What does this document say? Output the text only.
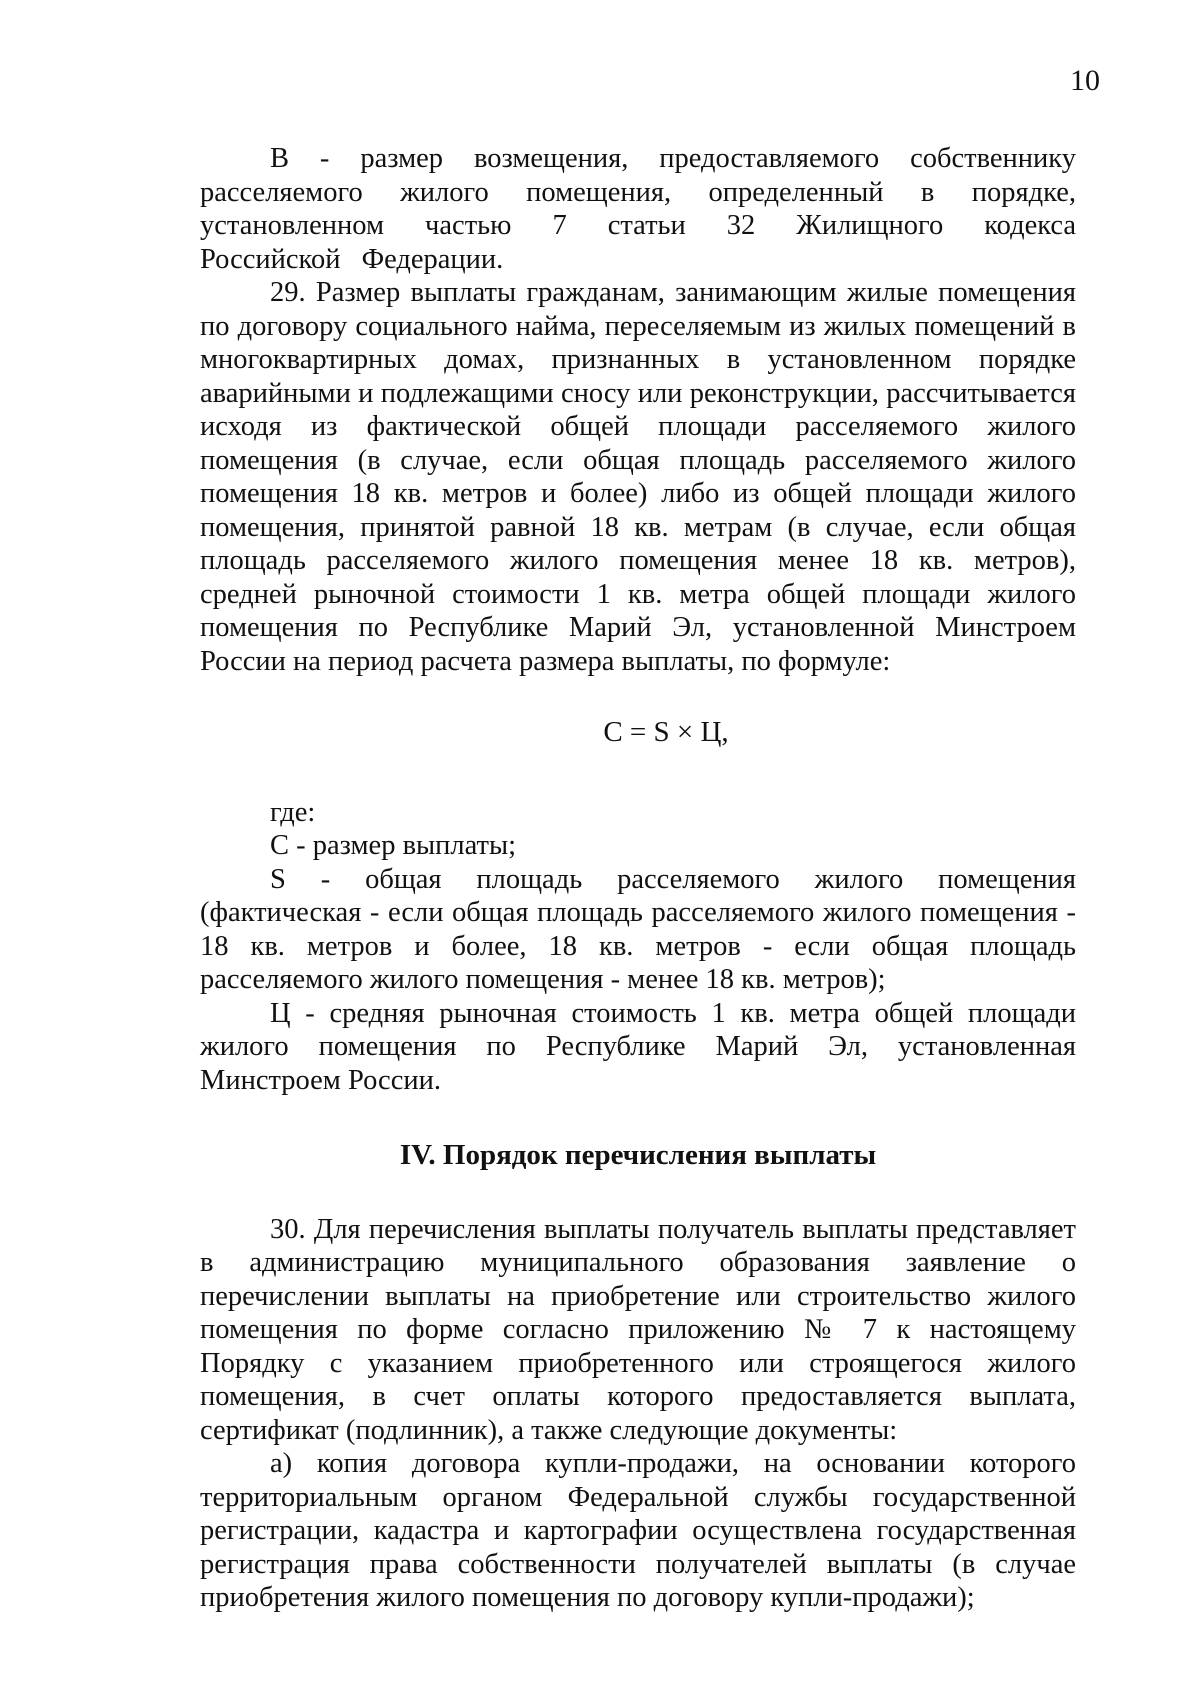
10

В - размер возмещения, предоставляемого собственнику расселяемого жилого помещения, определенный в порядке, установленном частью 7 статьи 32 Жилищного кодекса Российской Федерации.

29. Размер выплаты гражданам, занимающим жилые помещения по договору социального найма, переселяемым из жилых помещений в многоквартирных домах, признанных в установленном порядке аварийными и подлежащими сносу или реконструкции, рассчитывается исходя из фактической общей площади расселяемого жилого помещения (в случае, если общая площадь расселяемого жилого помещения 18 кв. метров и более) либо из общей площади жилого помещения, принятой равной 18 кв. метрам (в случае, если общая площадь расселяемого жилого помещения менее 18 кв. метров), средней рыночной стоимости 1 кв. метра общей площади жилого помещения по Республике Марий Эл, установленной Минстроем России на период расчета размера выплаты, по формуле:

С = S × Ц,

где:

С - размер выплаты;

S - общая площадь расселяемого жилого помещения (фактическая - если общая площадь расселяемого жилого помещения - 18 кв. метров и более, 18 кв. метров - если общая площадь расселяемого жилого помещения - менее 18 кв. метров);

Ц - средняя рыночная стоимость 1 кв. метра общей площади жилого помещения по Республике Марий Эл, установленная Минстроем России.

IV. Порядок перечисления выплаты

30. Для перечисления выплаты получатель выплаты представляет в администрацию муниципального образования заявление о перечислении выплаты на приобретение или строительство жилого помещения по форме согласно приложению № 7 к настоящему Порядку с указанием приобретенного или строящегося жилого помещения, в счет оплаты которого предоставляется выплата, сертификат (подлинник), а также следующие документы:

а) копия договора купли-продажи, на основании которого территориальным органом Федеральной службы государственной регистрации, кадастра и картографии осуществлена государственная регистрация права собственности получателей выплаты (в случае приобретения жилого помещения по договору купли-продажи);
